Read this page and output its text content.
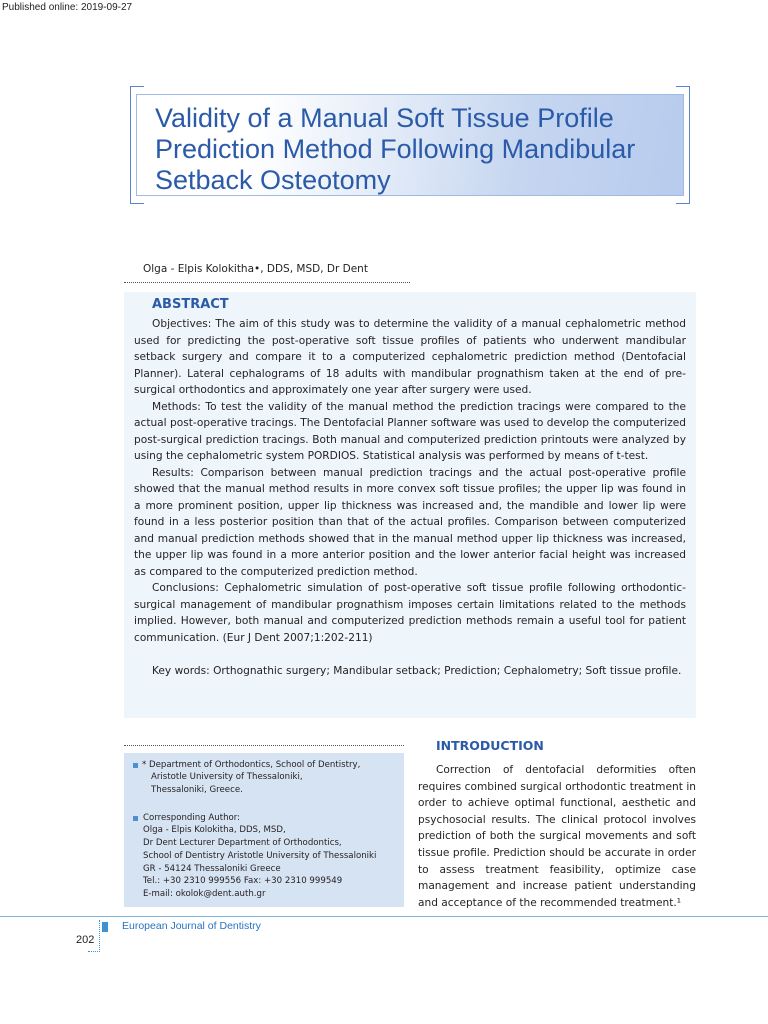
Published online: 2019-09-27
Validity of a Manual Soft Tissue Profile Prediction Method Following Mandibular Setback Osteotomy
Olga - Elpis Kolokitha•, DDS, MSD, Dr Dent
ABSTRACT

Objectives: The aim of this study was to determine the validity of a manual cephalometric method used for predicting the post-operative soft tissue profiles of patients who underwent mandibular setback surgery and compare it to a computerized cephalometric prediction method (Dentofacial Planner). Lateral cephalograms of 18 adults with mandibular prognathism taken at the end of pre-surgical orthodontics and approximately one year after surgery were used.

Methods: To test the validity of the manual method the prediction tracings were compared to the actual post-operative tracings. The Dentofacial Planner software was used to develop the computerized post-surgical prediction tracings. Both manual and computerized prediction printouts were analyzed by using the cephalometric system PORDIOS. Statistical analysis was performed by means of t-test.

Results: Comparison between manual prediction tracings and the actual post-operative profile showed that the manual method results in more convex soft tissue profiles; the upper lip was found in a more prominent position, upper lip thickness was increased and, the mandible and lower lip were found in a less posterior position than that of the actual profiles. Comparison between computerized and manual prediction methods showed that in the manual method upper lip thickness was increased, the upper lip was found in a more anterior position and the lower anterior facial height was increased as compared to the computerized prediction method.

Conclusions: Cephalometric simulation of post-operative soft tissue profile following orthodontic-surgical management of mandibular prognathism imposes certain limitations related to the methods implied. However, both manual and computerized prediction methods remain a useful tool for patient communication. (Eur J Dent 2007;1:202-211)

Key words: Orthognathic surgery; Mandibular setback; Prediction; Cephalometry; Soft tissue profile.

* Department of Orthodontics, School of Dentistry,
Aristotle University of Thessaloniki,
Thessaloniki, Greece.
Corresponding Author:
Olga - Elpis Kolokitha, DDS, MSD,
Dr Dent Lecturer Department of Orthodontics,
School of Dentistry Aristotle University of Thessaloniki
GR - 54124 Thessaloniki Greece
Tel.: +30 2310 999556 Fax: +30 2310 999549
E-mail: okolok@dent.auth.gr
INTRODUCTION

Correction of dentofacial deformities often requires combined surgical orthodontic treatment in order to achieve optimal functional, aesthetic and psychosocial results. The clinical protocol involves prediction of both the surgical movements and soft tissue profile. Prediction should be accurate in order to assess treatment feasibility, optimize case management and increase patient understanding and acceptance of the recommended treatment.¹

European Journal of Dentistry
202
